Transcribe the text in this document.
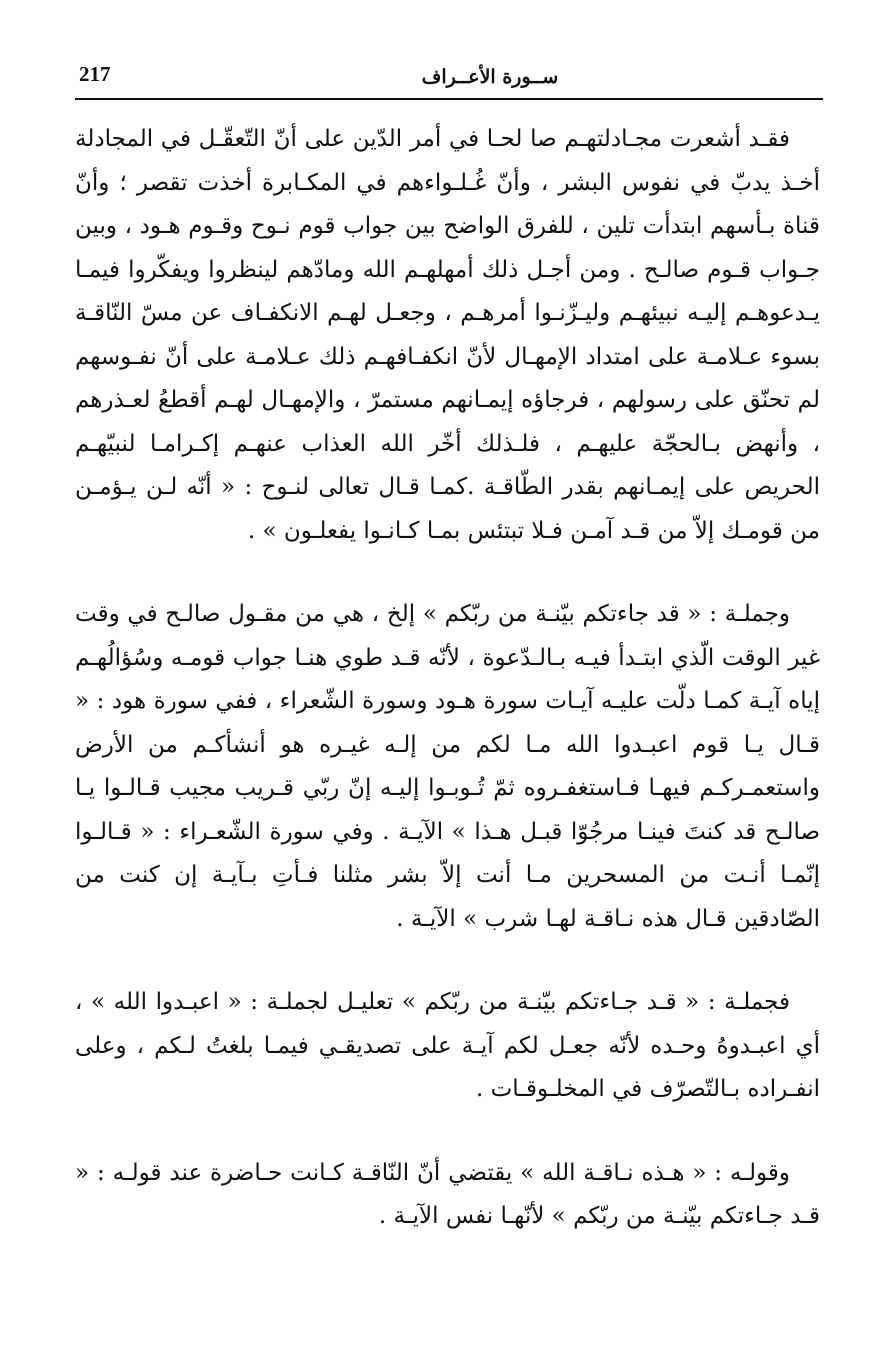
217	ســورة الأعــراف

فقـد أشعرت مجـادلتهـم صا لحـا في أمر الدّين على أنّ التّعقّـل في المجادلة أخـذ يدبّ في نفوس البشر ، وأنّ غُـلـواءهم في المكـابرة أخذت تقصر ؛ وأنّ قناة بـأسهم ابتدأت تلين ، للفرق الواضح بين جواب قوم نـوح وقـوم هـود ، وبين جـواب قـوم صالـح . ومن أجـل ذلك أمهلهـم الله ومادّهم لينظروا ويفكّروا فيمـا يـدعوهـم إليـه نبيئهـم وليـزّنـوا أمرهـم ، وجعـل لهـم الانكفـاف عن مسّ النّاقـة بسوء عـلامـة على امتداد الإمهـال لأنّ انكفـافهـم ذلك عـلامـة على أنّ نفـوسهم لم تحنّق على رسولهم ، فرجاؤه إيمـانهم مستمرّ ، والإمهـال لهـم أقطعُ لعـذرهم ، وأنهض بـالحجّة عليهـم ، فلـذلك أخّر الله العذاب عنهـم إكـرامـا لنبيّهـم الحريص على إيمـانهم بقدر الطّاقـة .كمـا قـال تعالى لنـوح : « أنّه لـن يـؤمـن من قومـك إلاّ من قـد آمـن فـلا تبتئس بمـا كـانـوا يفعلـون » .

وجملـة : « قد جاءتكم بيّنـة من ربّكم » إلخ ، هي من مقـول صالـح في وقت غير الوقت الّذي ابتـدأ فيـه بـالـدّعوة ، لأنّه قـد طوي هنـا جواب قومـه وسُؤالُهـم إياه آيـة كمـا دلّت عليـه آيـات سورة هـود وسورة الشّعراء ، ففي سورة هود : « قـال يـا قوم اعبـدوا الله مـا لكم من إلـه غيـره هو أنشأكـم من الأرض واستعمـركـم فيهـا فـاستغفـروه ثمّ تُـوبـوا إليـه إنّ ربّي قـريب مجيب قـالـوا يـا صالـح قد كنتَ فينـا مرجُوّا قبـل هـذا » الآيـة . وفي سورة الشّعـراء : « قـالـوا إنّمـا أنـت من المسحرين مـا أنت إلاّ بشر مثلنا فـأتِ بـآيـة إن كنت من الصّادقين قـال هذه نـاقـة لهـا شرب » الآيـة .

فجملـة : « قـد جـاءتكم بيّنـة من ربّكم » تعليـل لجملـة : « اعبـدوا الله » ، أي اعبـدوهُ وحـده لأنّه جعـل لكم آيـة على تصديقـي فيمـا بلغتُ لـكم ، وعلى انفـراده بـالتّصرّف في المخلـوقـات .

وقولـه : « هـذه نـاقـة الله » يقتضي أنّ النّاقـة كـانت حـاضرة عند قولـه : « قـد جـاءتكم بيّنـة من ربّكم » لأنّهـا نفس الآيـة .
